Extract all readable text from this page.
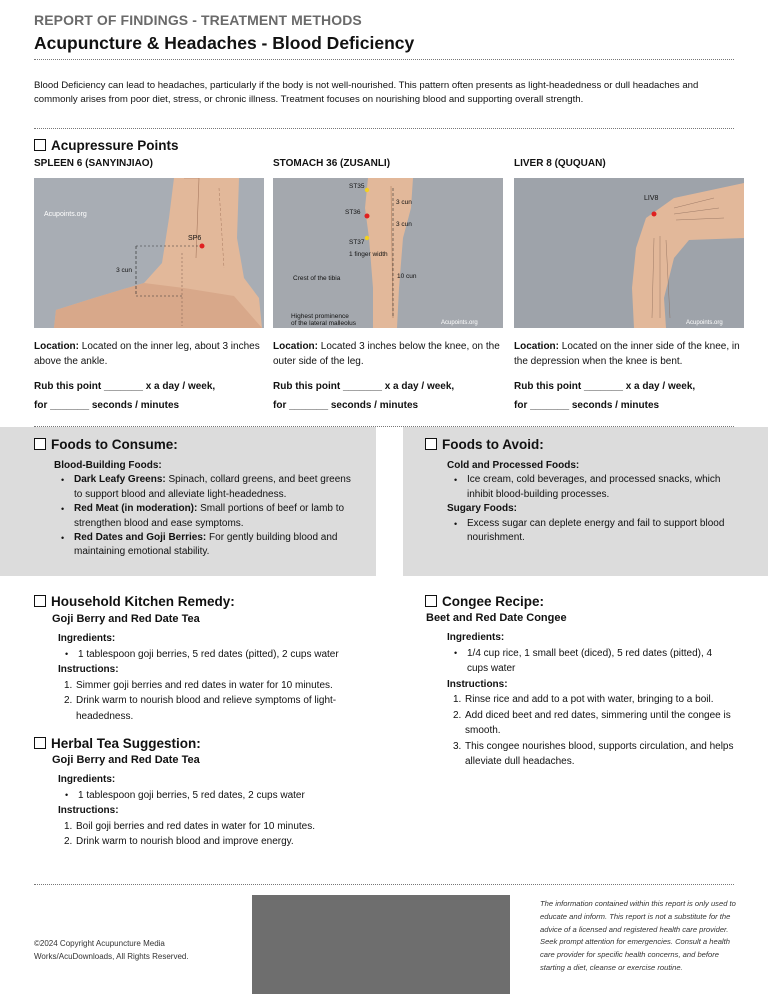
REPORT OF FINDINGS - TREATMENT METHODS
Acupuncture & Headaches - Blood Deficiency
Blood Deficiency can lead to headaches, particularly if the body is not well-nourished. This pattern often presents as light-headedness or dull headaches and commonly arises from poor diet, stress, or chronic illness. Treatment focuses on nourishing blood and supporting overall strength.
Acupressure Points
SPLEEN 6 (SANYINJIAO)
Acupoints.org
SP6
3 cun
Location: Located on the inner leg, about 3 inches above the ankle.
Rub this point _______ x a day / week,
for _______ seconds / minutes
STOMACH 36 (ZUSANLI)
ST35
ST36
ST37
3 cun
3 cun
1 finger width
10 cun
Crest of the tibia
Highest prominence
of the lateral malleolus	Acupoints.org
Location: Located 3 inches below the knee, on the outer side of the leg.
Rub this point _______ x a day / week,
for _______ seconds / minutes
LIVER 8 (QUQUAN)
LIV8
Acupoints.org
Location: Located on the inner side of the knee, in the depression when the knee is bent.
Rub this point _______ x a day / week,
for _______ seconds / minutes
Foods to Consume:
Blood-Building Foods:
• Dark Leafy Greens: Spinach, collard greens, and beet greens to support blood and alleviate light-headedness.
• Red Meat (in moderation): Small portions of beef or lamb to strengthen blood and ease symptoms.
• Red Dates and Goji Berries: For gently building blood and maintaining emotional stability.
Foods to Avoid:
Cold and Processed Foods:
• Ice cream, cold beverages, and processed snacks, which inhibit blood-building processes.
Sugary Foods:
• Excess sugar can deplete energy and fail to support blood nourishment.
Household Kitchen Remedy:
Goji Berry and Red Date Tea
Ingredients:
• 1 tablespoon goji berries, 5 red dates (pitted), 2 cups water
Instructions:
1. Simmer goji berries and red dates in water for 10 minutes.
2. Drink warm to nourish blood and relieve symptoms of light-headedness.
Herbal Tea Suggestion:
Goji Berry and Red Date Tea
Ingredients:
• 1 tablespoon goji berries, 5 red dates, 2 cups water
Instructions:
1. Boil goji berries and red dates in water for 10 minutes.
2. Drink warm to nourish blood and improve energy.
Congee Recipe:
Beet and Red Date Congee
Ingredients:
• 1/4 cup rice, 1 small beet (diced), 5 red dates (pitted), 4 cups water
Instructions:
1. Rinse rice and add to a pot with water, bringing to a boil.
2. Add diced beet and red dates, simmering until the congee is smooth.
3. This congee nourishes blood, supports circulation, and helps alleviate dull headaches.
©2024 Copyright Acupuncture Media Works/AcuDownloads, All Rights Reserved.
The information contained within this report is only used to educate and inform. This report is not a substitute for the advice of a licensed and registered health care provider. Seek prompt attention for emergencies. Consult a health care provider for specific health concerns, and before starting a diet, cleanse or exercise routine.
